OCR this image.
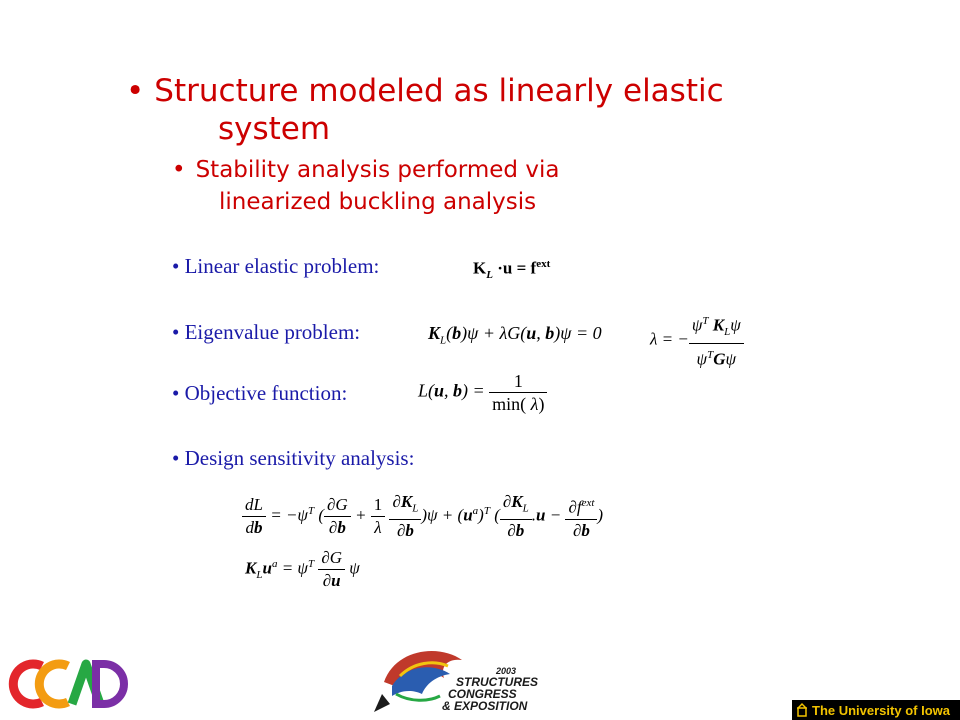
• Structure modeled as linearly elastic
system
• Stability analysis performed via
linearized buckling analysis
• Linear elastic problem:	$K_L \cdot u = f^{ext}$
• Eigenvalue problem:	$K_L(b)\psi + \lambda G(u$, b)ψ = 0	λ = − $\frac{\psi^T K_L\psi}{\psi^TG\psi}$
• Objective function:	L(u, $b) = \frac{1}{\min( \lambda)}$
• Design sensitivity analysis:
$\frac{dL}{db} = -\psi^T$ ( $\frac{\partial G}{\partial b} + \frac{1}{\lambda}$
$\frac{\partial K_L}{\partial b} )\psi + (u^a)^T$ ( $\frac{\partial K_L}{\partial b} .u - \frac{\partial f^{ext}}{\partial b}$ )
$K_Lu^a = \psi^T \frac{\partial G}{\partial u}$ ψ
2003
STRUCTURES
CONGRESS
& EXPOSITION	The University of Iowa
